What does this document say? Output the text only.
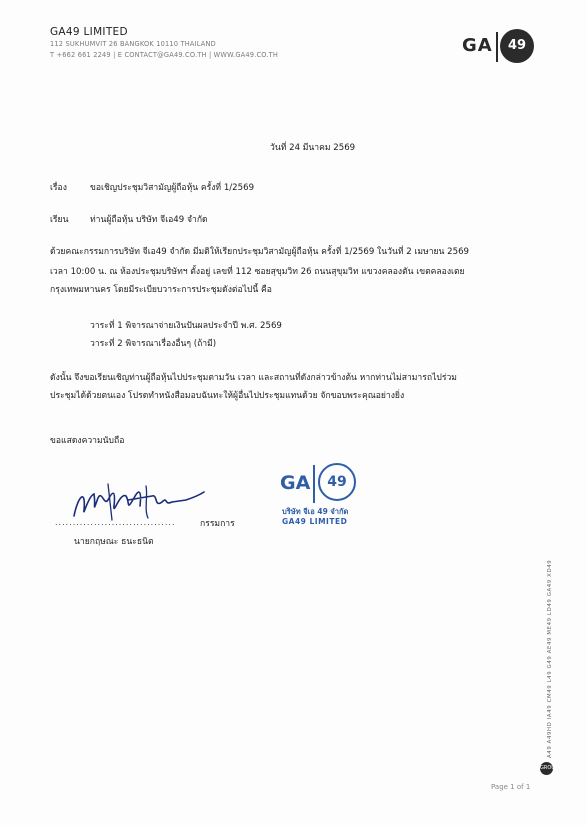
GA49 LIMITED
112 SUKHUMVIT 26 BANGKOK 10110 THAILAND
T +662 661 2249 | E CONTACT@GA49.CO.TH | WWW.GA49.CO.TH	GA	49
วันที่ 24 มีนาคม 2569
เรื่อง	ขอเชิญประชุมวิสามัญผู้ถือหุ้น ครั้งที่ 1/2569
เรียน	ท่านผู้ถือหุ้น บริษัท จีเอ49 จำกัด
ด้วยคณะกรรมการบริษัท จีเอ49 จำกัด มีมติให้เรียกประชุมวิสามัญผู้ถือหุ้น ครั้งที่ 1/2569 ในวันที่ 2 เมษายน 2569
เวลา 10:00 น. ณ ห้องประชุมบริษัทฯ ตั้งอยู่ เลขที่ 112 ซอยสุขุมวิท 26 ถนนสุขุมวิท แขวงคลองตัน เขตคลองเตย
กรุงเทพมหานคร โดยมีระเบียบวาระการประชุมดังต่อไปนี้ คือ
วาระที่ 1 พิจารณาจ่ายเงินปันผลประจำปี พ.ศ. 2569
วาระที่ 2 พิจารณาเรื่องอื่นๆ (ถ้ามี)
ดังนั้น จึงขอเรียนเชิญท่านผู้ถือหุ้นไปประชุมตามวัน เวลา และสถานที่ดังกล่าวข้างต้น หากท่านไม่สามารถไปร่วม
ประชุมได้ด้วยตนเอง โปรดทำหนังสือมอบฉันทะให้ผู้อื่นไปประชุมแทนด้วย จักขอบพระคุณอย่างยิ่ง
ขอแสดงความนับถือ
..................................	กรรมการ
นายกฤษณะ ธนะธนิต
GA	49
บริษัท จีเอ 49 จำกัด
GA49 LIMITED
A49 A49HD IA49 CM49 L49 G49 AE49 ME49 LD49 GA49 XD49
GROUP
Page 1 of 1
